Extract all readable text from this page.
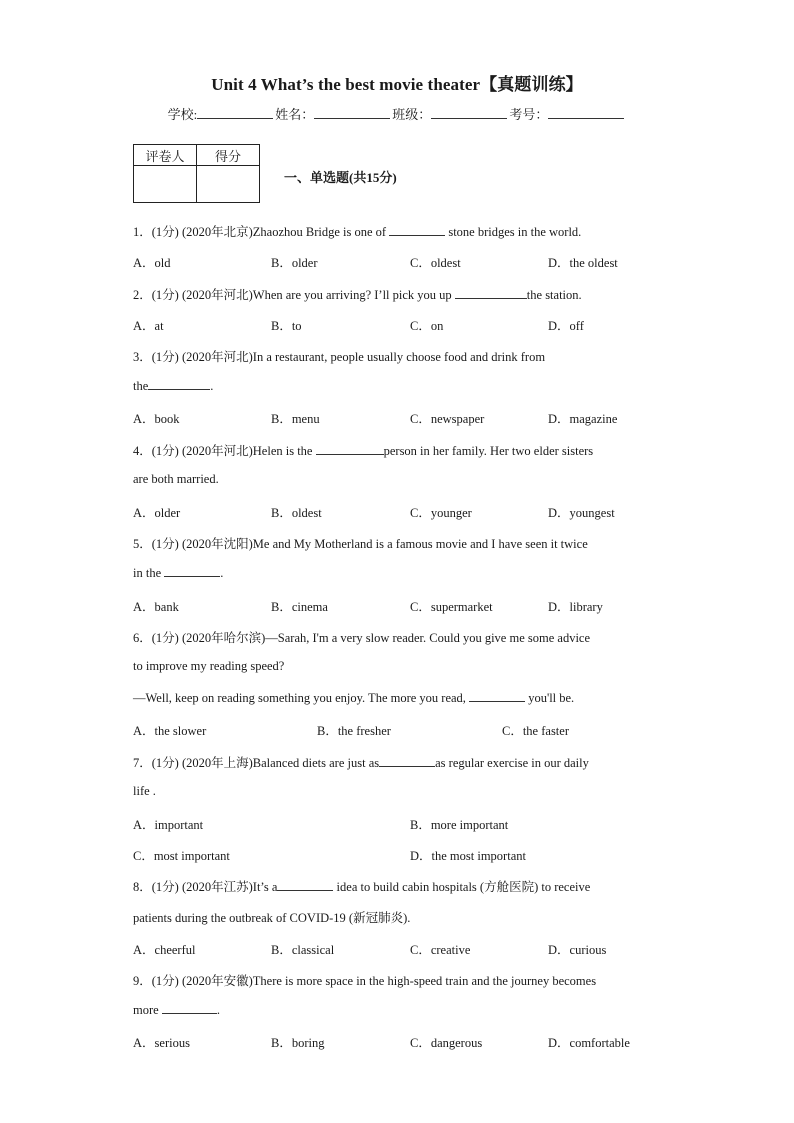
Unit 4 What’s the best movie theater【真题训练】
学校:	姓名：	班级：	考号：
评卷人	得分

一、单选题(共15分)
1．(1分) (2020年北京)Zhaozhou Bridge is one of	stone bridges in the world.
A．old	B．older	C．oldest	D．the oldest
2．(1分) (2020年河北)When are you arriving? I’ll pick you up	the station.
A．at	B．to	C．on	D．off
3．(1分) (2020年河北)In a restaurant, people usually choose food and drink from
the	.
A．book	B．menu	C．newspaper	D．magazine
4．(1分) (2020年河北)Helen is the	person in her family. Her two elder sisters
are both married.
A．older	B．oldest	C．younger	D．youngest
5．(1分) (2020年沈阳)Me and My Motherland is a famous movie and I have seen it twice
in the	.
A．bank	B．cinema	C．supermarket	D．library
6．(1分) (2020年哈尔滨)—Sarah, I'm a very slow reader. Could you give me some advice
to improve my reading speed?
—Well, keep on reading something you enjoy. The more you read,	you'll be.
A．the slower	B．the fresher	C．the faster
7．(1分) (2020年上海)Balanced diets are just as	as regular exercise in our daily
life .
A．important	B．more important
C．most important	D．the most important
8．(1分) (2020年江苏)It’s a	idea to build cabin hospitals (方舱医院) to receive
patients during the outbreak of COVID-19 (新冠肺炎).
A．cheerful	B．classical	C．creative	D．curious
9．(1分) (2020年安徽)There is more space in the high-speed train and the journey becomes
more	.
A．serious	B．boring	C．dangerous	D．comfortable
